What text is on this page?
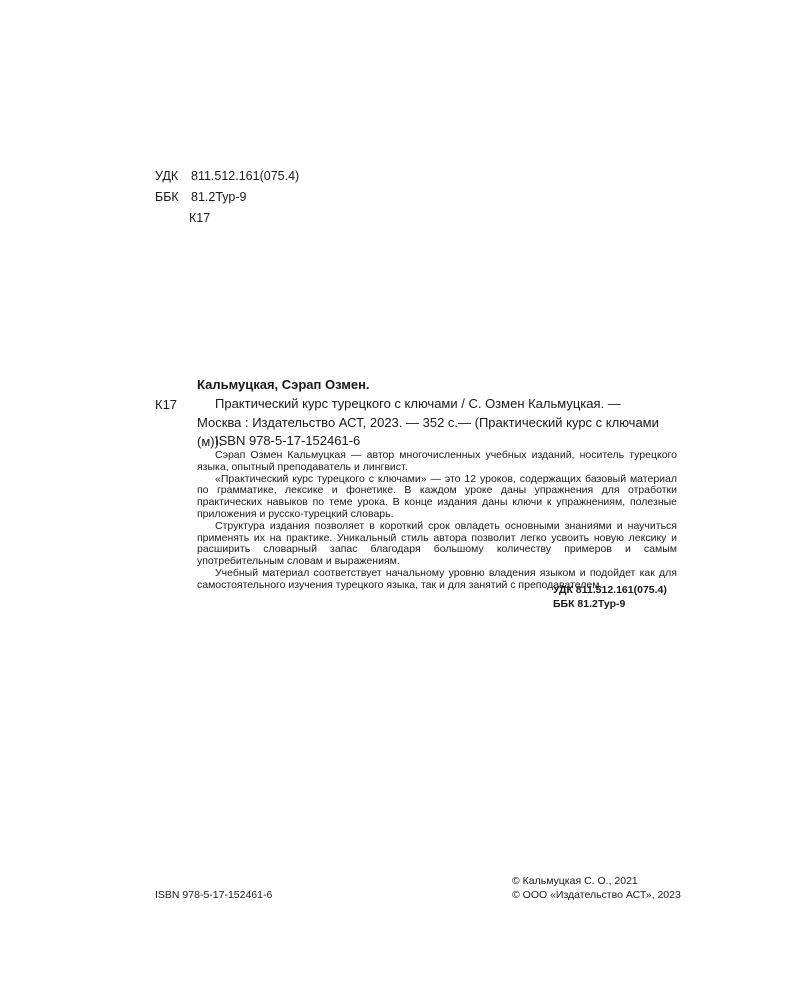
УДК 811.512.161(075.4)
ББК 81.2Тур-9
К17
Кальмуцкая, Сэрап Озмен.
К17	Практический курс турецкого с ключами / С. Озмен Кальмуцкая. — Москва : Издательство АСТ, 2023. — 352 с.— (Практический курс с ключами (м)).
ISBN 978-5-17-152461-6

Сэрап Озмен Кальмуцкая — автор многочисленных учебных изданий, носитель турецкого языка, опытный преподаватель и лингвист.

«Практический курс турецкого с ключами» — это 12 уроков, содержащих базовый материал по грамматике, лексике и фонетике. В каждом уроке даны упражнения для отработки практических навыков по теме урока. В конце издания даны ключи к упражнениям, полезные приложения и русско-турецкий словарь.

Структура издания позволяет в короткий срок овладеть основными знаниями и научиться применять их на практике. Уникальный стиль автора позволит легко усвоить новую лексику и расширить словарный запас благодаря большому количеству примеров и самым употребительным словам и выражениям.

Учебный материал соответствует начальному уровню владения языком и подойдет как для самостоятельного изучения турецкого языка, так и для занятий с преподавателем.

УДК 811.512.161(075.4)
ББК 81.2Тур-9
ISBN 978-5-17-152461-6
© Кальмуцкая С. О., 2021
© ООО «Издательство АСТ», 2023
